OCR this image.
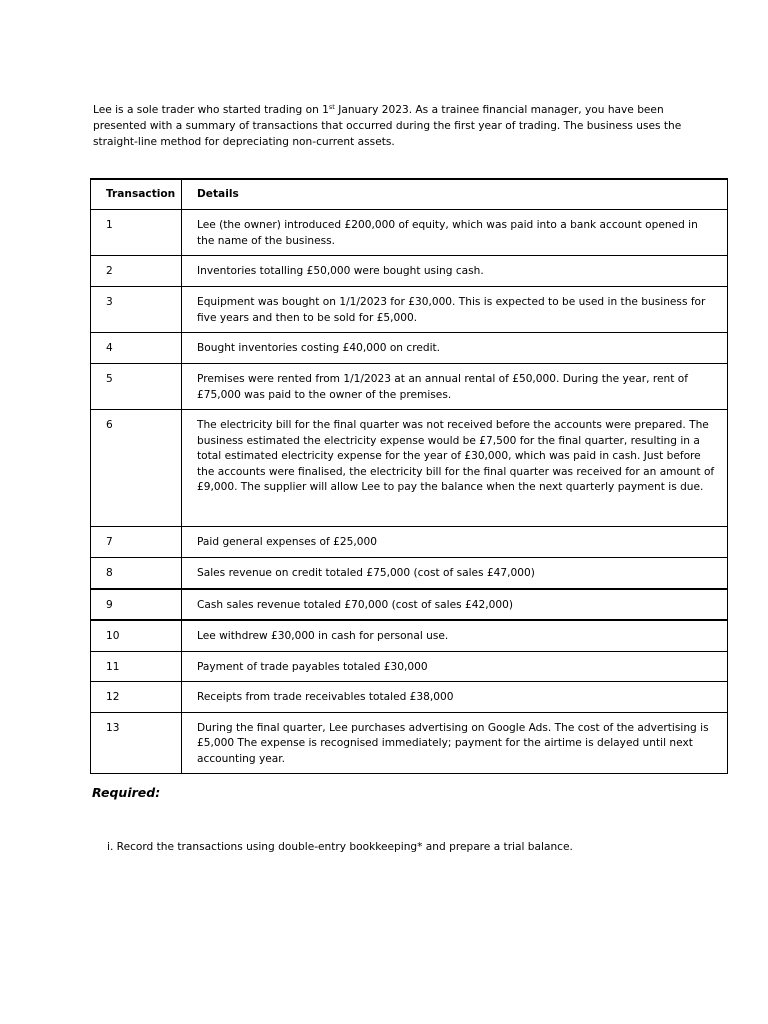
Lee is a sole trader who started trading on 1st January 2023. As a trainee financial manager, you have been presented with a summary of transactions that occurred during the first year of trading. The business uses the straight-line method for depreciating non-current assets.

Transaction	Details
1	Lee (the owner) introduced £200,000 of equity, which was paid into a bank account opened in the name of the business.
2	Inventories totalling £50,000 were bought using cash.
3	Equipment was bought on 1/1/2023 for £30,000. This is expected to be used in the business for five years and then to be sold for £5,000.
4	Bought inventories costing £40,000 on credit.
5	Premises were rented from 1/1/2023 at an annual rental of £50,000. During the year, rent of £75,000 was paid to the owner of the premises.
6	The electricity bill for the final quarter was not received before the accounts were prepared. The business estimated the electricity expense would be £7,500 for the final quarter, resulting in a total estimated electricity expense for the year of £30,000, which was paid in cash. Just before the accounts were finalised, the electricity bill for the final quarter was received for an amount of £9,000. The supplier will allow Lee to pay the balance when the next quarterly payment is due.
7	Paid general expenses of £25,000
8	Sales revenue on credit totaled £75,000 (cost of sales £47,000)
9	Cash sales revenue totaled £70,000 (cost of sales £42,000)
10	Lee withdrew £30,000 in cash for personal use.
11	Payment of trade payables totaled £30,000
12	Receipts from trade receivables totaled £38,000
13	During the final quarter, Lee purchases advertising on Google Ads. The cost of the advertising is £5,000 The expense is recognised immediately; payment for the airtime is delayed until next accounting year.

Required:

i. Record the transactions using double-entry bookkeeping* and prepare a trial balance.
